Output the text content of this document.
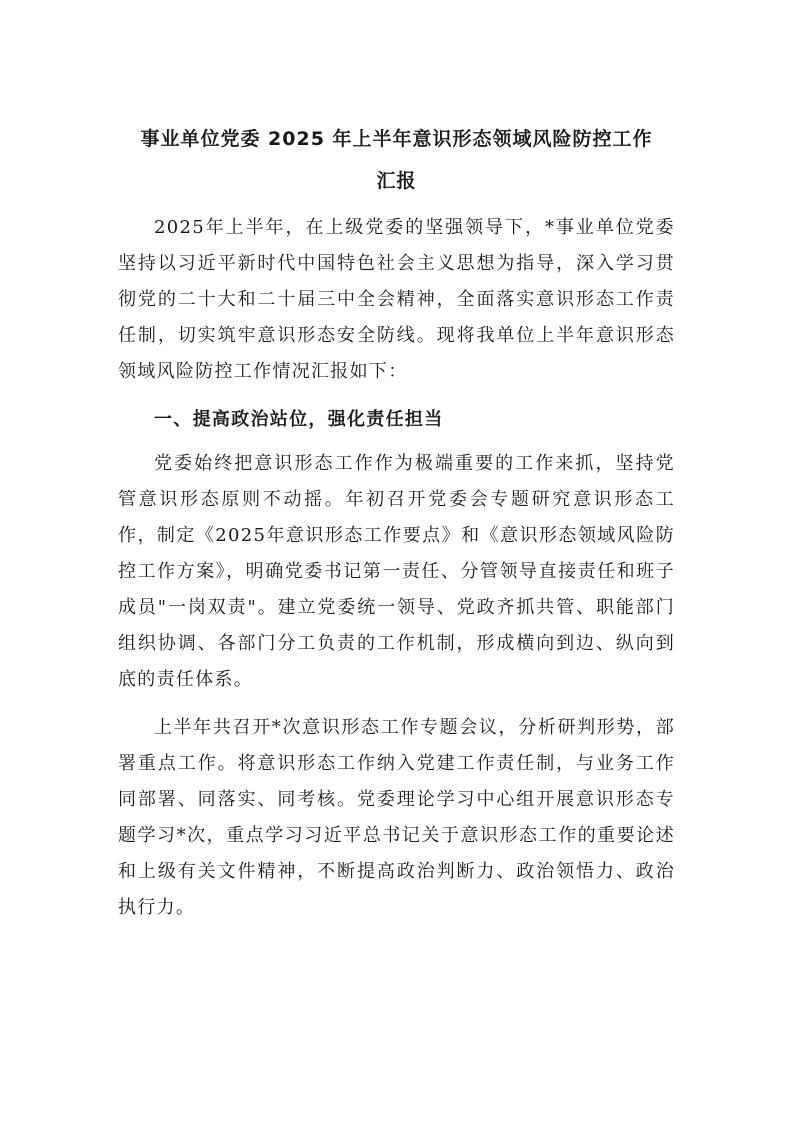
事业单位党委 2025 年上半年意识形态领域风险防控工作
汇报

2025年上半年，在上级党委的坚强领导下，*事业单位党委坚持以习近平新时代中国特色社会主义思想为指导，深入学习贯彻党的二十大和二十届三中全会精神，全面落实意识形态工作责任制，切实筑牢意识形态安全防线。现将我单位上半年意识形态领域风险防控工作情况汇报如下：

一、提高政治站位，强化责任担当

党委始终把意识形态工作作为极端重要的工作来抓，坚持党管意识形态原则不动摇。年初召开党委会专题研究意识形态工作，制定《2025年意识形态工作要点》和《意识形态领域风险防控工作方案》，明确党委书记第一责任、分管领导直接责任和班子成员"一岗双责"。建立党委统一领导、党政齐抓共管、职能部门组织协调、各部门分工负责的工作机制，形成横向到边、纵向到底的责任体系。

上半年共召开*次意识形态工作专题会议，分析研判形势，部署重点工作。将意识形态工作纳入党建工作责任制，与业务工作同部署、同落实、同考核。党委理论学习中心组开展意识形态专题学习*次，重点学习习近平总书记关于意识形态工作的重要论述和上级有关文件精神，不断提高政治判断力、政治领悟力、政治执行力。
